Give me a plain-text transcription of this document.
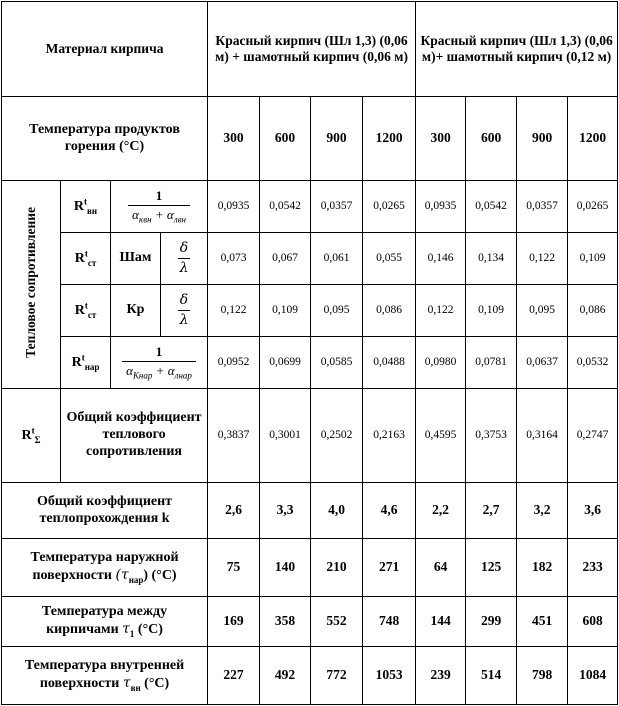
Материал кирпича				Красный кирпич (Шл 1,3) (0,06 м) + шамотный кирпич (0,06 м)				Красный кирпич (Шл 1,3) (0,06 м)+ шамотный кирпич (0,12 м)			
Температура продуктов горения (°C)				300	600	900	1200	300	600	900	1200
Тепловое сопротивление	$R^t_{вн}$	$\frac{1}{\alpha_{\kappa вн} + \alpha_{лвн}}$		0,0935	0,0542	0,0357	0,0265	0,0935	0,0542	0,0357	0,0265
	$R^t_{ст}$	Шам	$\frac{\delta}{\lambda}$	0,073	0,067	0,061	0,055	0,146	0,134	0,122	0,109
	$R^t_{ст}$	Кр	$\frac{\delta}{\lambda}$	0,122	0,109	0,095	0,086	0,122	0,109	0,095	0,086
	$R^t_{нар}$	$\frac{1}{\alpha_{Кнар} + \alpha_{лнар}}$		0,0952	0,0699	0,0585	0,0488	0,0980	0,0781	0,0637	0,0532
$R^t_\Sigma$	Общий коэффициент теплового сопротивления			0,3837	0,3001	0,2502	0,2163	0,4595	0,3753	0,3164	0,2747
Общий коэффициент теплопрохождения k				2,6	3,3	4,0	4,6	2,2	2,7	3,2	3,6
Температура наружной поверхности $(\tau_{нар})$ (°C)				75	140	210	271	64	125	182	233
Температура между кирпичами $\tau_1$ (°C)				169	358	552	748	144	299	451	608
Температура внутренней поверхности $\tau_{вн}$ (°C)				227	492	772	1053	239	514	798	1084
